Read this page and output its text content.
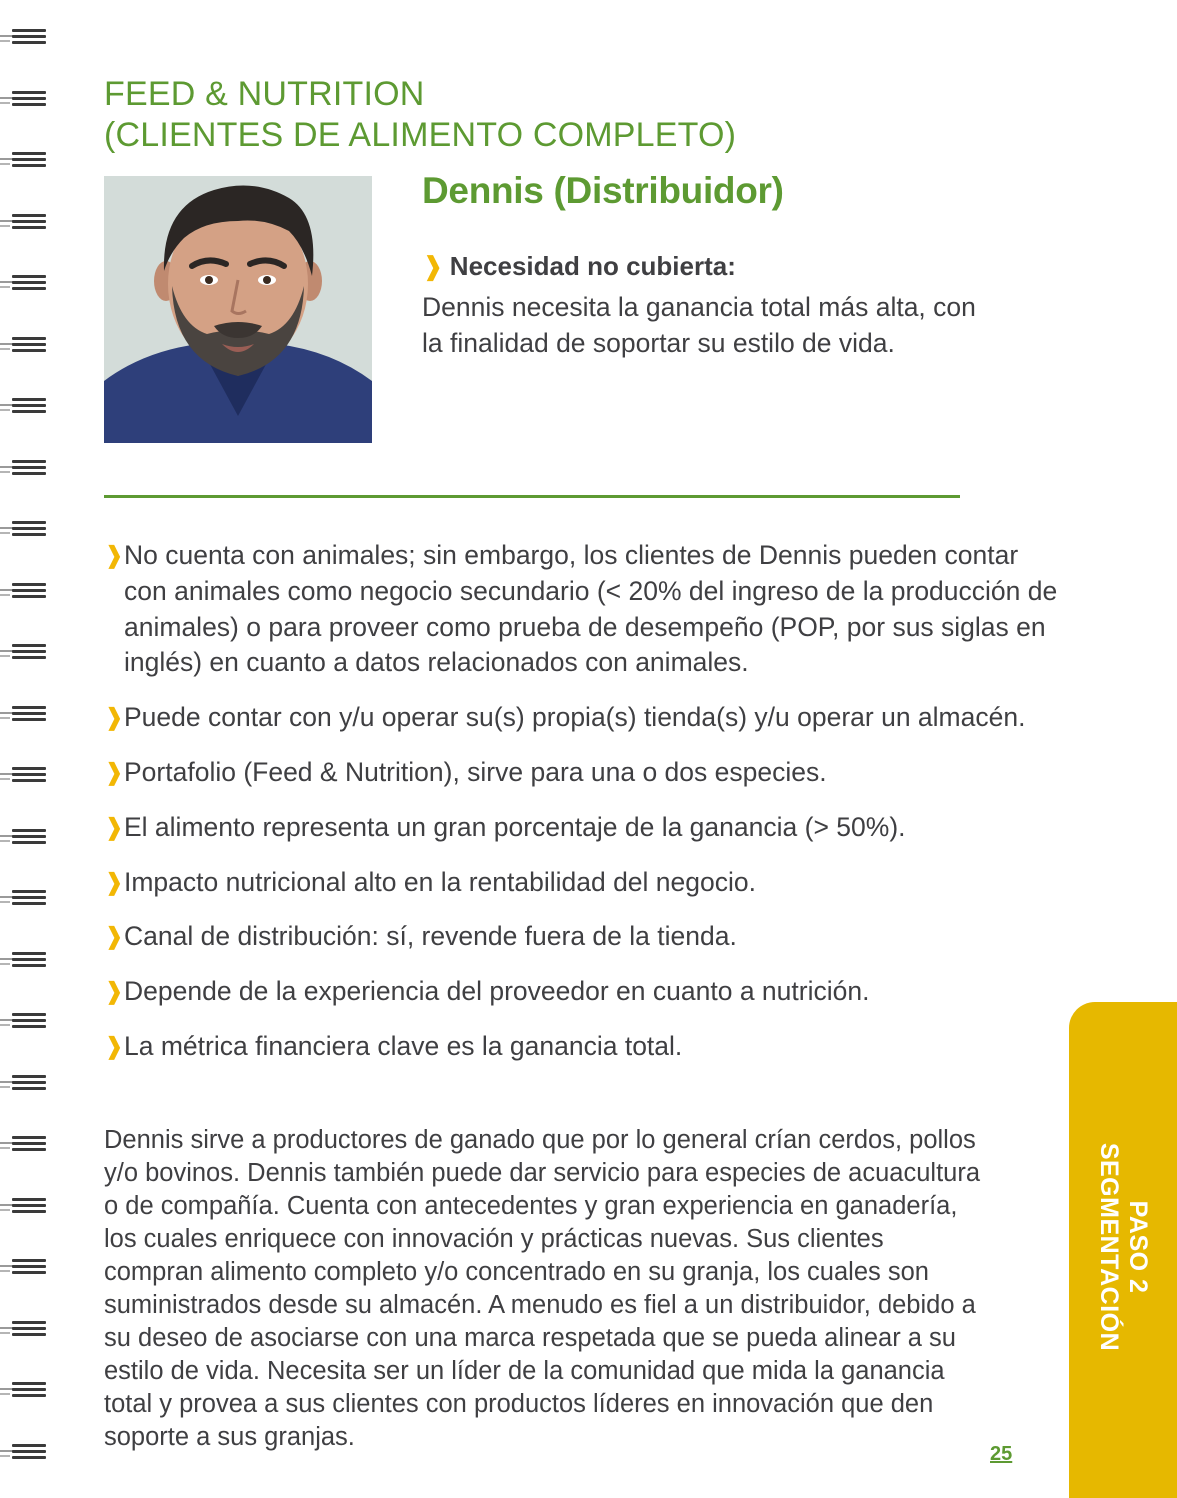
FEED & NUTRITION
(CLIENTES DE ALIMENTO COMPLETO)
Dennis (Distribuidor)
❱ Necesidad no cubierta:
Dennis necesita la ganancia total más alta, con la finalidad de soportar su estilo de vida.
❱ No cuenta con animales; sin embargo, los clientes de Dennis pueden contar con animales como negocio secundario (< 20% del ingreso de la producción de animales) o para proveer como prueba de desempeño (POP, por sus siglas en inglés) en cuanto a datos relacionados con animales.
❱ Puede contar con y/u operar su(s) propia(s) tienda(s) y/u operar un almacén.
❱ Portafolio (Feed & Nutrition), sirve para una o dos especies.
❱ El alimento representa un gran porcentaje de la ganancia (> 50%).
❱ Impacto nutricional alto en la rentabilidad del negocio.
❱ Canal de distribución: sí, revende fuera de la tienda.
❱ Depende de la experiencia del proveedor en cuanto a nutrición.
❱ La métrica financiera clave es la ganancia total.

Dennis sirve a productores de ganado que por lo general crían cerdos, pollos y/o bovinos. Dennis también puede dar servicio para especies de acuacultura o de compañía. Cuenta con antecedentes y gran experiencia en ganadería, los cuales enriquece con innovación y prácticas nuevas. Sus clientes compran alimento completo y/o concentrado en su granja, los cuales son suministrados desde su almacén. A menudo es fiel a un distribuidor, debido a su deseo de asociarse con una marca respetada que se pueda alinear a su estilo de vida. Necesita ser un líder de la comunidad que mida la ganancia total y provea a sus clientes con productos líderes en innovación que den soporte a sus granjas.

25
PASO 2
SEGMENTACIÓN
